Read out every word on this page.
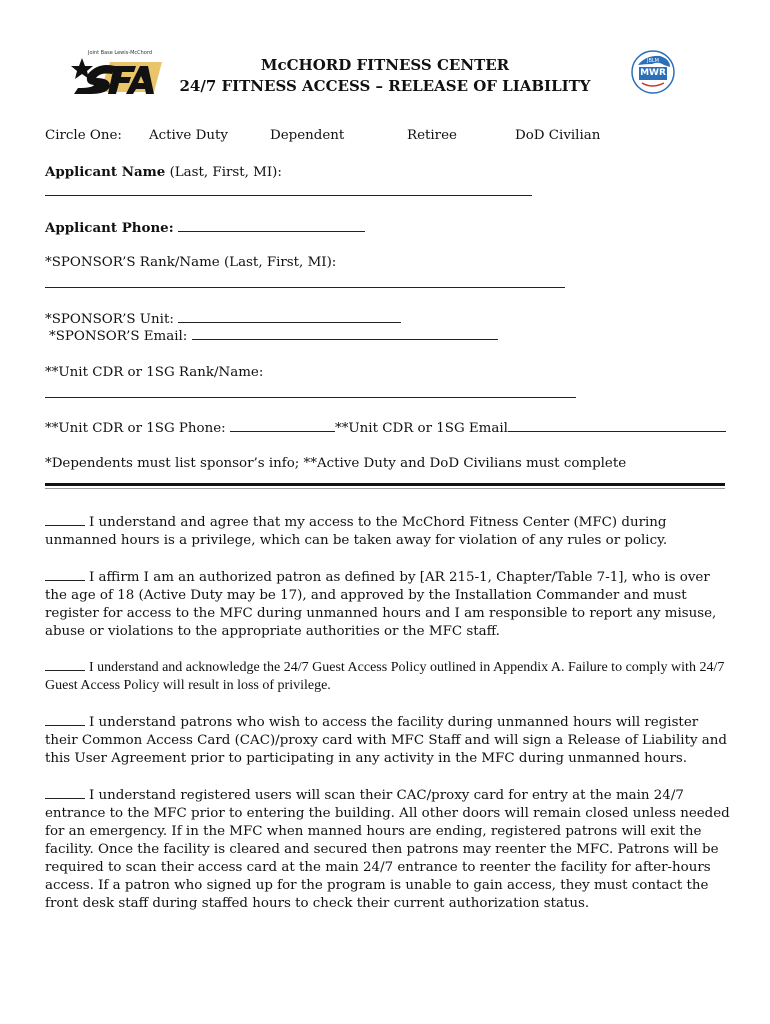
Joint Base Lewis-McChord
McCHORD FITNESS CENTER
24/7 FITNESS ACCESS – RELEASE OF LIABILITY
MWR
JBLM
Circle One: Active Duty	Dependent	Retiree	DoD Civilian
Applicant Name (Last, First, MI):
Applicant Phone:
*SPONSOR’S Rank/Name (Last, First, MI):
*SPONSOR’S Unit:
*SPONSOR’S Email:
**Unit CDR or 1SG Rank/Name:
**Unit CDR or 1SG Phone:	**Unit CDR or 1SG Email
*Dependents must list sponsor’s info; **Active Duty and DoD Civilians must complete
I understand and agree that my access to the McChord Fitness Center (MFC) during unmanned hours is a privilege, which can be taken away for violation of any rules or policy.
I affirm I am an authorized patron as defined by [AR 215-1, Chapter/Table 7-1], who is over the age of 18 (Active Duty may be 17), and approved by the Installation Commander and must register for access to the MFC during unmanned hours and I am responsible to report any misuse, abuse or violations to the appropriate authorities or the MFC staff.
I understand and acknowledge the 24/7 Guest Access Policy outlined in Appendix A. Failure to comply with 24/7 Guest Access Policy will result in loss of privilege.
I understand patrons who wish to access the facility during unmanned hours will register their Common Access Card (CAC)/proxy card with MFC Staff and will sign a Release of Liability and this User Agreement prior to participating in any activity in the MFC during unmanned hours.
I understand registered users will scan their CAC/proxy card for entry at the main 24/7 entrance to the MFC prior to entering the building. All other doors will remain closed unless needed for an emergency. If in the MFC when manned hours are ending, registered patrons will exit the facility. Once the facility is cleared and secured then patrons may reenter the MFC. Patrons will be required to scan their access card at the main 24/7 entrance to reenter the facility for after-hours access. If a patron who signed up for the program is unable to gain access, they must contact the front desk staff during staffed hours to check their current authorization status.
